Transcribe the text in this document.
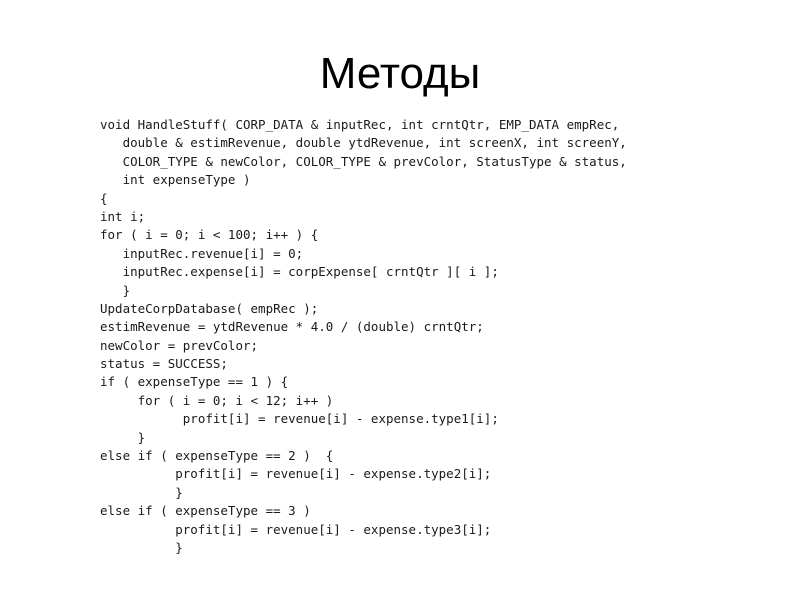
Методы
void HandleStuff( CORP_DATA & inputRec, int crntQtr, EMP_DATA empRec,
double & estimRevenue, double ytdRevenue, int screenX, int screenY,
COLOR_TYPE & newColor, COLOR_TYPE & prevColor, StatusType & status,
int expenseType )
{
int i;
for ( i = 0; i < 100; i++ ) {
inputRec.revenue[i] = 0;
inputRec.expense[i] = corpExpense[ crntQtr ][ i ];
}
UpdateCorpDatabase( empRec );
estimRevenue = ytdRevenue * 4.0 / (double) crntQtr;
newColor = prevColor;
status = SUCCESS;
if ( expenseType == 1 ) {
for ( i = 0; i < 12; i++ )
profit[i] = revenue[i] - expense.type1[i];
}
else if ( expenseType == 2 )  {
profit[i] = revenue[i] - expense.type2[i];
}
else if ( expenseType == 3 )
profit[i] = revenue[i] - expense.type3[i];
}
